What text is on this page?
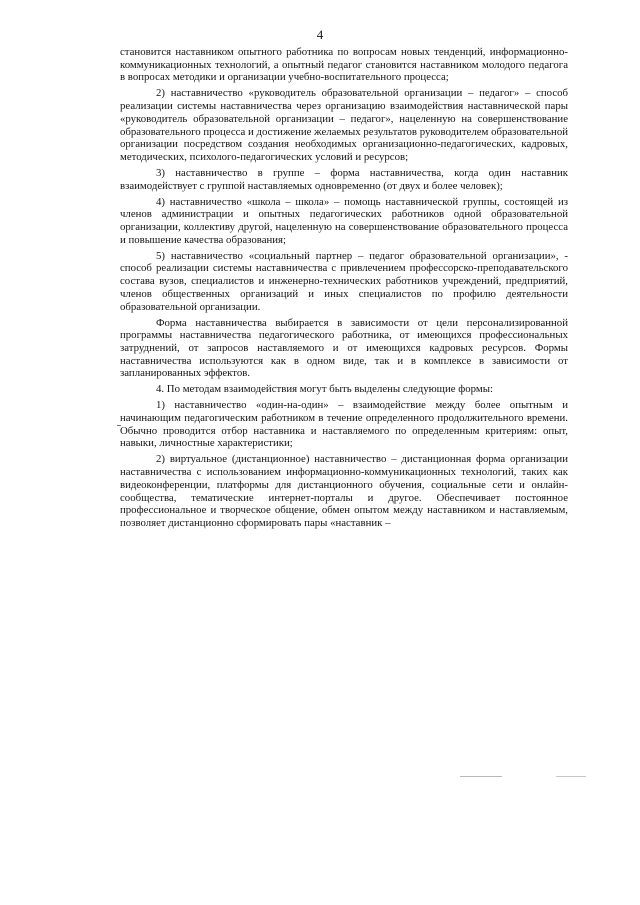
4

становится наставником опытного работника по вопросам новых тенденций, информационно-коммуникационных технологий, а опытный педагог становится наставником молодого педагога в вопросах методики и организации учебно-воспитательного процесса;

2) наставничество «руководитель образовательной организации – педагог» – способ реализации системы наставничества через организацию взаимодействия наставнической пары «руководитель образовательной организации – педагог», нацеленную на совершенствование образовательного процесса и достижение желаемых результатов руководителем образовательной организации посредством создания необходимых организационно-педагогических, кадровых, методических, психолого-педагогических условий и ресурсов;

3) наставничество в группе – форма наставничества, когда один наставник взаимодействует с группой наставляемых одновременно (от двух и более человек);

4) наставничество «школа – школа» – помощь наставнической группы, состоящей из членов администрации и опытных педагогических работников одной образовательной организации, коллективу другой, нацеленную на совершенствование образовательного процесса и повышение качества образования;

5) наставничество «социальный партнер – педагог образовательной организации», - способ реализации системы наставничества с привлечением профессорско-преподавательского состава вузов, специалистов и инженерно-технических работников учреждений, предприятий, членов общественных организаций и иных специалистов по профилю деятельности образовательной организации.

Форма наставничества выбирается в зависимости от цели персонализированной программы наставничества педагогического работника, от имеющихся профессиональных затруднений, от запросов наставляемого и от имеющихся кадровых ресурсов. Формы наставничества используются как в одном виде, так и в комплексе в зависимости от запланированных эффектов.

4. По методам взаимодействия могут быть выделены следующие формы:

1) наставничество «один-на-один» – взаимодействие между более опытным и начинающим педагогическим работником в течение определенного продолжительного времени. Обычно проводится отбор наставника и наставляемого по определенным критериям: опыт, навыки, личностные характеристики;

2) виртуальное (дистанционное) наставничество – дистанционная форма организации наставничества с использованием информационно-коммуникационных технологий, таких как видеоконференции, платформы для дистанционного обучения, социальные сети и онлайн-сообщества, тематические интернет-порталы и другое. Обеспечивает постоянное профессиональное и творческое общение, обмен опытом между наставником и наставляемым, позволяет дистанционно сформировать пары «наставник –
